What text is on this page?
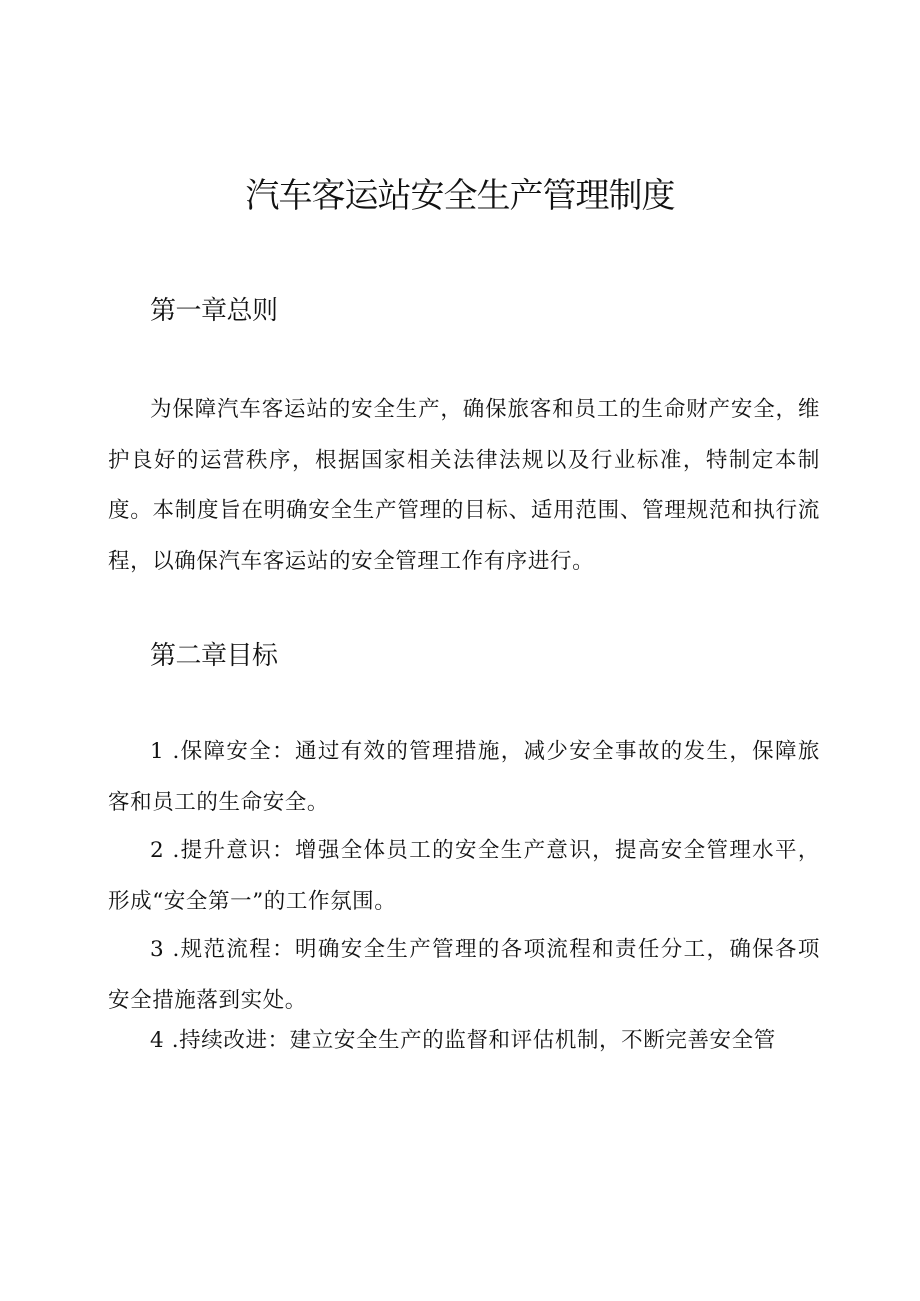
汽车客运站安全生产管理制度
第一章总则

为保障汽车客运站的安全生产，确保旅客和员工的生命财产安全，维护良好的运营秩序，根据国家相关法律法规以及行业标准，特制定本制度。本制度旨在明确安全生产管理的目标、适用范围、管理规范和执行流程，以确保汽车客运站的安全管理工作有序进行。

第二章目标

1 .保障安全：通过有效的管理措施，减少安全事故的发生，保障旅客和员工的生命安全。

2 .提升意识：增强全体员工的安全生产意识，提高安全管理水平，形成“安全第一”的工作氛围。

3 .规范流程：明确安全生产管理的各项流程和责任分工，确保各项安全措施落到实处。

4 .持续改进：建立安全生产的监督和评估机制，不断完善安全管
